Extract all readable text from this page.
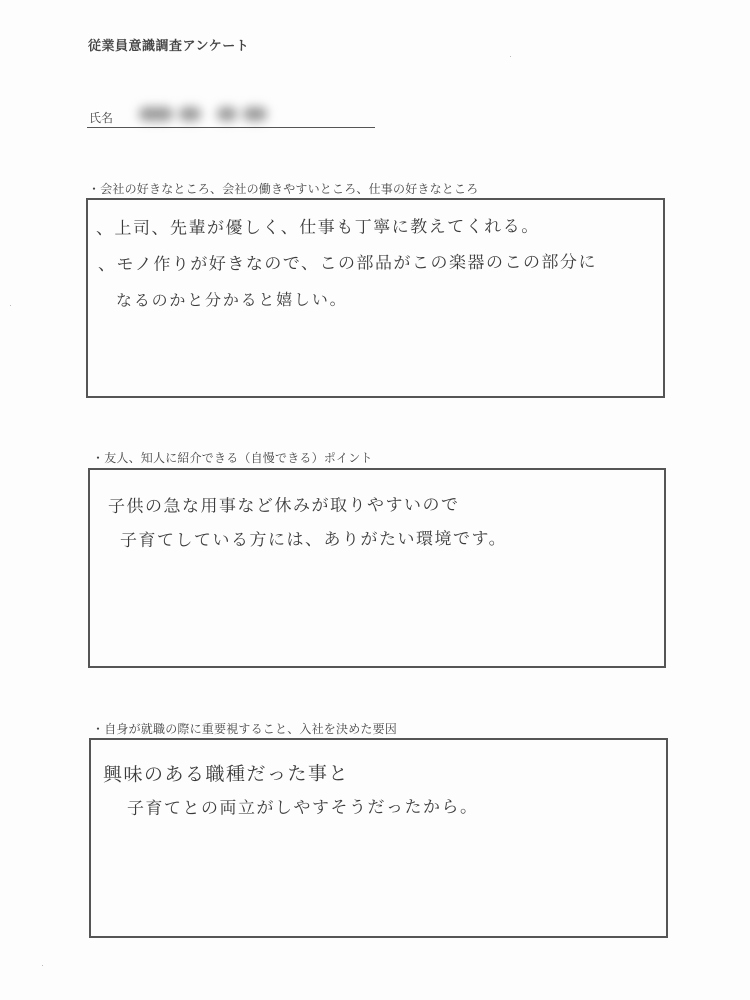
従業員意識調査アンケート
氏名
・会社の好きなところ、会社の働きやすいところ、仕事の好きなところ
、上司、先輩が優しく、仕事も丁寧に教えてくれる。
、モノ作りが好きなので、この部品がこの楽器のこの部分に
なるのかと分かると嬉しい。
・友人、知人に紹介できる（自慢できる）ポイント
子供の急な用事など休みが取りやすいので
子育てしている方には、ありがたい環境です。
・自身が就職の際に重要視すること、入社を決めた要因
興味のある職種だった事と
子育てとの両立がしやすそうだったから。
